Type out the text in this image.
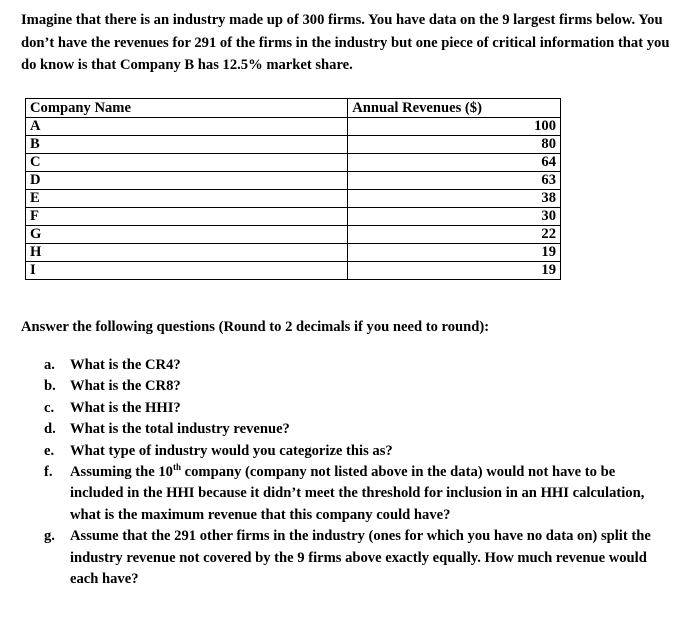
Imagine that there is an industry made up of 300 firms. You have data on the 9 largest firms below. You don’t have the revenues for 291 of the firms in the industry but one piece of critical information that you do know is that Company B has 12.5% market share.

Company Name	Annual Revenues ($)
A	100
B	80
C	64
D	63
E	38
F	30
G	22
H	19
I	19

Answer the following questions (Round to 2 decimals if you need to round):

a. What is the CR4?
b. What is the CR8?
c. What is the HHI?
d. What is the total industry revenue?
e. What type of industry would you categorize this as?
f. Assuming the 10th company (company not listed above in the data) would not have to be included in the HHI because it didn’t meet the threshold for inclusion in an HHI calculation, what is the maximum revenue that this company could have?
g. Assume that the 291 other firms in the industry (ones for which you have no data on) split the industry revenue not covered by the 9 firms above exactly equally. How much revenue would each have?
